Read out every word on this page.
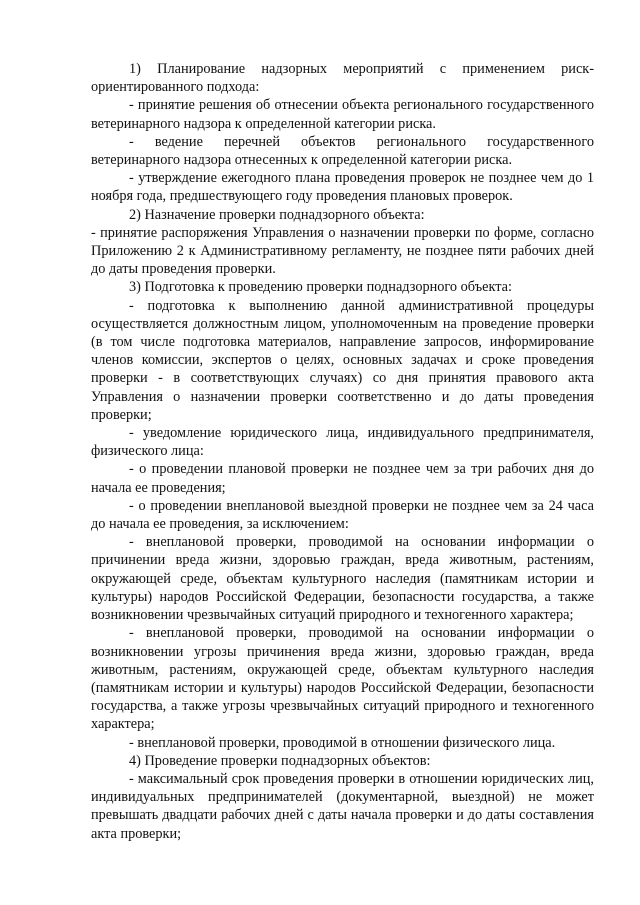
1) Планирование надзорных мероприятий с применением риск-ориентированного подхода:

- принятие решения об отнесении объекта регионального государственного ветеринарного надзора к определенной категории риска.

- ведение перечней объектов регионального государственного ветеринарного надзора отнесенных к определенной категории риска.

- утверждение ежегодного плана проведения проверок не позднее чем до 1 ноября года, предшествующего году проведения плановых проверок.

2) Назначение проверки поднадзорного объекта:

- принятие распоряжения Управления о назначении проверки по форме, согласно Приложению 2 к Административному регламенту, не позднее пяти рабочих дней до даты проведения проверки.

3) Подготовка к проведению проверки поднадзорного объекта:

- подготовка к выполнению данной административной процедуры осуществляется должностным лицом, уполномоченным на проведение проверки (в том числе подготовка материалов, направление запросов, информирование членов комиссии, экспертов о целях, основных задачах и сроке проведения проверки - в соответствующих случаях) со дня принятия правового акта Управления о назначении проверки соответственно и до даты проведения проверки;

- уведомление юридического лица, индивидуального предпринимателя, физического лица:

- о проведении плановой проверки не позднее чем за три рабочих дня до начала ее проведения;

- о проведении внеплановой выездной проверки не позднее чем за 24 часа до начала ее проведения, за исключением:

- внеплановой проверки, проводимой на основании информации о причинении вреда жизни, здоровью граждан, вреда животным, растениям, окружающей среде, объектам культурного наследия (памятникам истории и культуры) народов Российской Федерации, безопасности государства, а также возникновении чрезвычайных ситуаций природного и техногенного характера;

- внеплановой проверки, проводимой на основании информации о возникновении угрозы причинения вреда жизни, здоровью граждан, вреда животным, растениям, окружающей среде, объектам культурного наследия (памятникам истории и культуры) народов Российской Федерации, безопасности государства, а также угрозы чрезвычайных ситуаций природного и техногенного характера;

- внеплановой проверки, проводимой в отношении физического лица.

4) Проведение проверки поднадзорных объектов:

- максимальный срок проведения проверки в отношении юридических лиц, индивидуальных предпринимателей (документарной, выездной) не может превышать двадцати рабочих дней с даты начала проверки и до даты составления акта проверки;
